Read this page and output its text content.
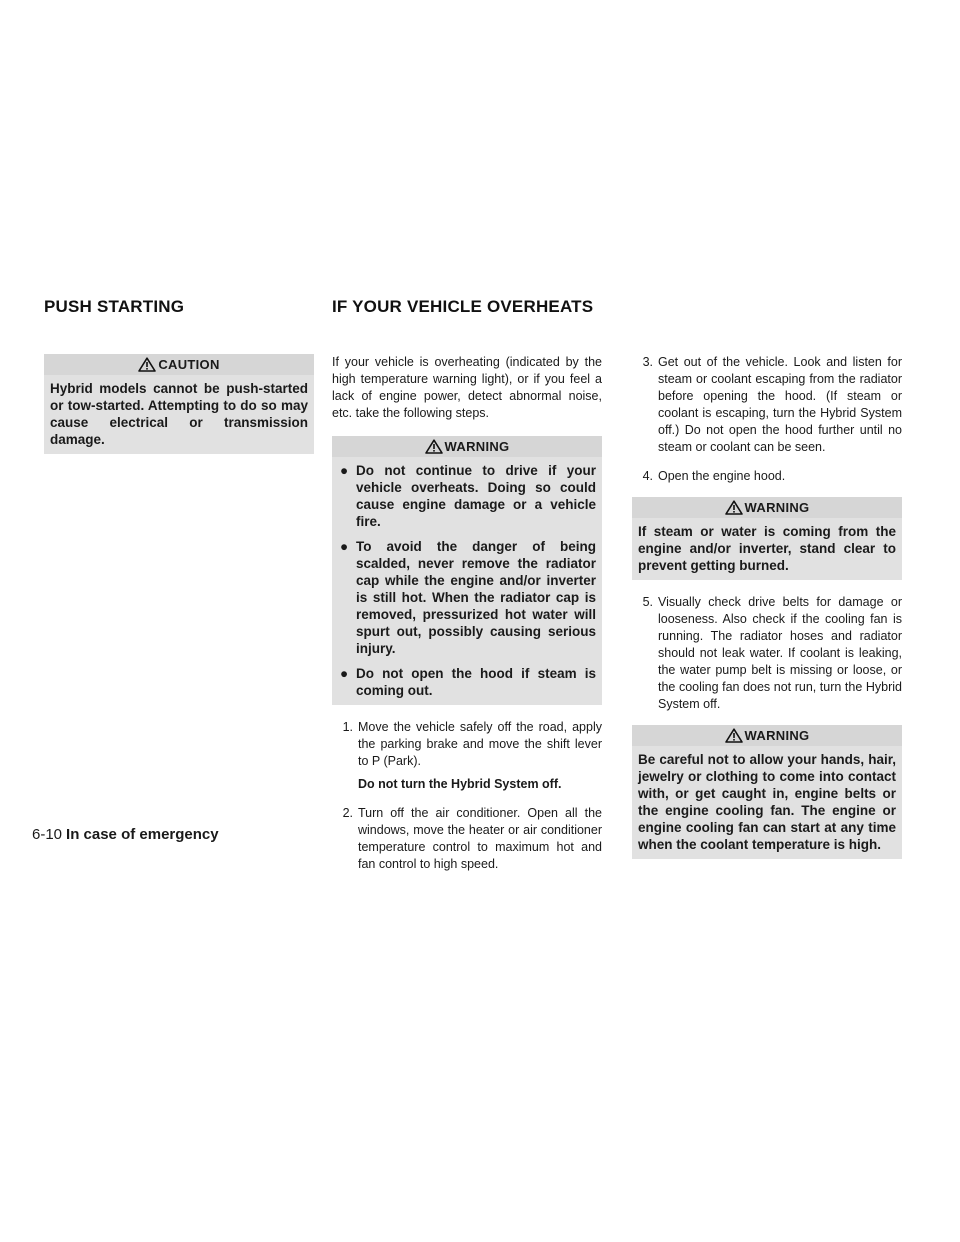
PUSH STARTING	IF YOUR VEHICLE OVERHEATS
CAUTION

Hybrid models cannot be push-started or tow-started. Attempting to do so may cause electrical or transmission damage.

If your vehicle is overheating (indicated by the high temperature warning light), or if you feel a lack of engine power, detect abnormal noise, etc. take the following steps.

WARNING
● Do not continue to drive if your vehicle overheats. Doing so could cause engine damage or a vehicle fire.
● To avoid the danger of being scalded, never remove the radiator cap while the engine and/or inverter is still hot. When the radiator cap is removed, pressurized hot water will spurt out, possibly causing serious injury.
● Do not open the hood if steam is coming out.
1. Move the vehicle safely off the road, apply the parking brake and move the shift lever to P (Park).

Do not turn the Hybrid System off.

2. Turn off the air conditioner. Open all the windows, move the heater or air conditioner temperature control to maximum hot and fan control to high speed.
3. Get out of the vehicle. Look and listen for steam or coolant escaping from the radiator before opening the hood. (If steam or coolant is escaping, turn the Hybrid System off.) Do not open the hood further until no steam or coolant can be seen.
4. Open the engine hood.
WARNING

If steam or water is coming from the engine and/or inverter, stand clear to prevent getting burned.

5. Visually check drive belts for damage or looseness. Also check if the cooling fan is running. The radiator hoses and radiator should not leak water. If coolant is leaking, the water pump belt is missing or loose, or the cooling fan does not run, turn the Hybrid System off.
WARNING

Be careful not to allow your hands, hair, jewelry or clothing to come into contact with, or get caught in, engine belts or the engine cooling fan. The engine or engine cooling fan can start at any time when the coolant temperature is high.

6-10 In case of emergency
